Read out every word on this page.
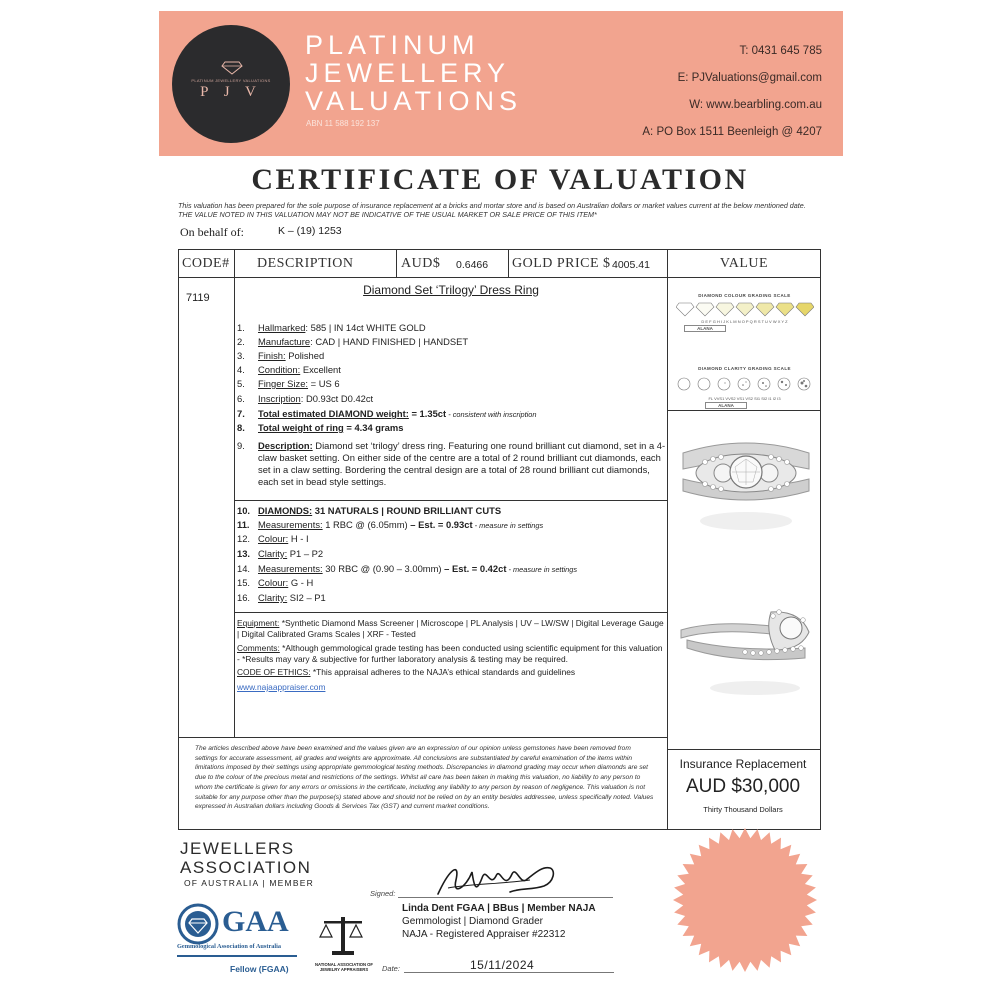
PLATINUM JEWELLERY VALUATIONS
P J V
PLATINUM
JEWELLERY
VALUATIONS
ABN 11 588 192 137
T: 0431 645 785
E: PJValuations@gmail.com
W: www.bearbling.com.au
A: PO Box 1511 Beenleigh @ 4207
CERTIFICATE OF VALUATION
This valuation has been prepared for the sole purpose of insurance replacement at a bricks and mortar store and is based on Australian dollars or market values current at the below mentioned date.
THE VALUE NOTED IN THIS VALUATION MAY NOT BE INDICATIVE OF THE USUAL MARKET OR SALE PRICE OF THIS ITEM*
On behalf of:	K – (19) 1253
CODE# DESCRIPTION	AUD$ 0.6466 GOLD PRICE $ 4005.41	VALUE
7119
Diamond Set ‘Trilogy’ Dress Ring
1. Hallmarked: 585 | IN 14ct WHITE GOLD
2. Manufacture: CAD | HAND FINISHED | HANDSET
3. Finish: Polished
4. Condition: Excellent
5. Finger Size: = US 6
6. Inscription: D0.93ct D0.42ct
7. Total estimated DIAMOND weight: = 1.35ct - consistent with inscription
8. Total weight of ring = 4.34 grams
9.	Description: Diamond set ‘trilogy’ dress ring. Featuring one round brilliant cut diamond, set in a 4-claw basket setting. On either side of the centre are a total of 2 round brilliant cut diamonds, each set in a claw setting. Bordering the central design are a total of 28 round brilliant cut diamonds, each set in bead style settings.
10. DIAMONDS: 31 NATURALS | ROUND BRILLIANT CUTS
11. Measurements: 1 RBC @ (6.05mm) – Est. = 0.93ct - measure in settings
12. Colour: H - I
13. Clarity: P1 – P2
14. Measurements: 30 RBC @ (0.90 – 3.00mm) – Est. = 0.42ct - measure in settings
15. Colour: G - H
16. Clarity: SI2 – P1
Equipment: *Synthetic Diamond Mass Screener | Microscope | PL Analysis | UV – LW/SW | Digital Leverage Gauge | Digital Calibrated Grams Scales | XRF - Tested
Comments: *Although gemmological grade testing has been conducted using scientific equipment for this valuation - *Results may vary & subjective for further laboratory analysis & testing may be required.
CODE OF ETHICS: *This appraisal adheres to the NAJA’s ethical standards and guidelines
www.najaappraiser.com
The articles described above have been examined and the values given are an expression of our opinion unless gemstones have been removed from settings for accurate assessment, all grades and weights are approximate. All conclusions are substantiated by careful examination of the items within limitations imposed by their settings using appropriate gemmological testing methods. Discrepancies in diamond grading may occur when diamonds are set due to the colour of the precious metal and restrictions of the settings. Whilst all care has been taken in making this valuation, no liability to any person to whom the certificate is given for any errors or omissions in the certificate, including any liability to any person by reason of negligence. This valuation is not suitable for any purpose other than the purpose(s) stated above and should not be relied on by an entity besides addressee, unless specifically noted. Values expressed in Australian dollars including Goods & Services Tax (GST) and current market conditions.
DIAMOND COLOUR GRADING SCALE
D E F G H I J K L M N O P Q R S T U V W X Y Z
ALANA
DIAMOND CLARITY GRADING SCALE
FL VVS1 VVS2 VS1 VS2 SI1 SI2 I1 I2 I3
ALANA
Insurance Replacement
AUD $30,000
Thirty Thousand Dollars
JEWELLERS
ASSOCIATION
OF AUSTRALIA | MEMBER
GAA
Gemmological Association of Australia
Fellow (FGAA)	NATIONAL ASSOCIATION OF JEWELRY APPRAISERS
Signed:
Linda Dent FGAA | BBus | Member NAJA
Gemmologist | Diamond Grader
NAJA - Registered Appraiser #22312
Date:	15/11/2024
